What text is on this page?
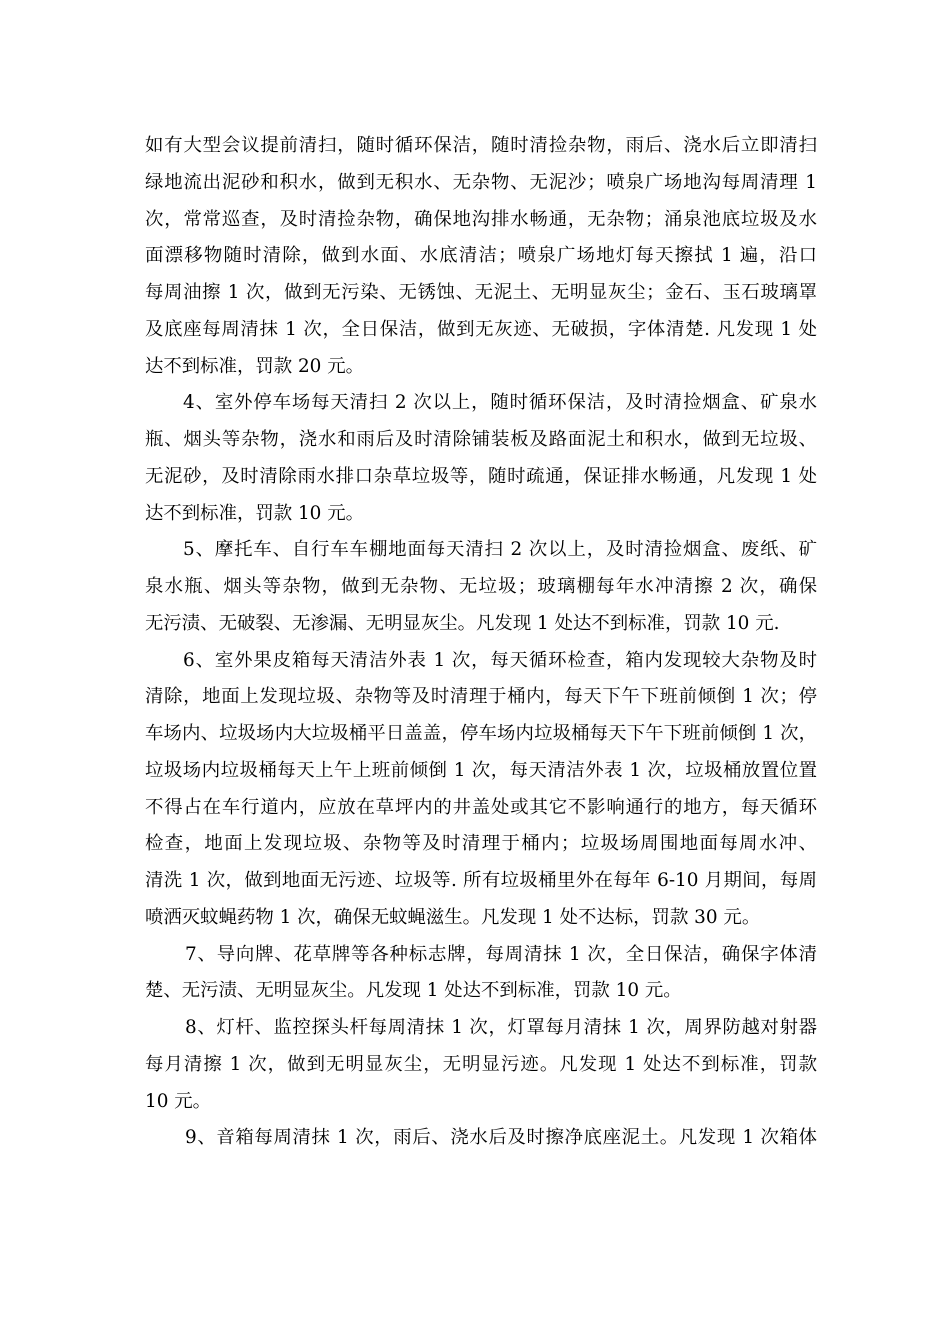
如有大型会议提前清扫，随时循环保洁，随时清捡杂物，雨后、浇水后立即清扫
绿地流出泥砂和积水，做到无积水、无杂物、无泥沙；喷泉广场地沟每周清理 1
次，常常巡查，及时清捡杂物，确保地沟排水畅通，无杂物；涌泉池底垃圾及水
面漂移物随时清除，做到水面、水底清洁；喷泉广场地灯每天擦拭 1 遍，沿口
每周油擦 1 次，做到无污染、无锈蚀、无泥土、无明显灰尘；金石、玉石玻璃罩
及底座每周清抹 1 次，全日保洁，做到无灰迹、无破损，字体清楚. 凡发现 1 处
达不到标准，罚款 20 元。
4、室外停车场每天清扫 2 次以上，随时循环保洁，及时清捡烟盒、矿泉水
瓶、烟头等杂物，浇水和雨后及时清除铺装板及路面泥土和积水，做到无垃圾、
无泥砂，及时清除雨水排口杂草垃圾等，随时疏通，保证排水畅通，凡发现 1 处
达不到标准，罚款 10 元。
5、摩托车、自行车车棚地面每天清扫 2 次以上，及时清捡烟盒、废纸、矿
泉水瓶、烟头等杂物，做到无杂物、无垃圾；玻璃棚每年水冲清擦 2 次，确保
无污渍、无破裂、无渗漏、无明显灰尘。凡发现 1 处达不到标准，罚款 10 元.
6、室外果皮箱每天清洁外表 1 次，每天循环检查，箱内发现较大杂物及时
清除，地面上发现垃圾、杂物等及时清理于桶内，每天下午下班前倾倒 1 次；停
车场内、垃圾场内大垃圾桶平日盖盖，停车场内垃圾桶每天下午下班前倾倒 1 次，
垃圾场内垃圾桶每天上午上班前倾倒 1 次，每天清洁外表 1 次，垃圾桶放置位置
不得占在车行道内，应放在草坪内的井盖处或其它不影响通行的地方，每天循环
检查，地面上发现垃圾、杂物等及时清理于桶内；垃圾场周围地面每周水冲、
清洗 1 次，做到地面无污迹、垃圾等. 所有垃圾桶里外在每年 6-10 月期间，每周
喷洒灭蚊蝇药物 1 次，确保无蚊蝇滋生。凡发现 1 处不达标，罚款 30 元。
7、导向牌、花草牌等各种标志牌，每周清抹 1 次，全日保洁，确保字体清
楚、无污渍、无明显灰尘。凡发现 1 处达不到标准，罚款 10 元。
8、灯杆、监控探头杆每周清抹 1 次，灯罩每月清抹 1 次，周界防越对射器
每月清擦 1 次，做到无明显灰尘，无明显污迹。凡发现 1 处达不到标准，罚款
10 元。
9、音箱每周清抹 1 次，雨后、浇水后及时擦净底座泥土。凡发现 1 次箱体
